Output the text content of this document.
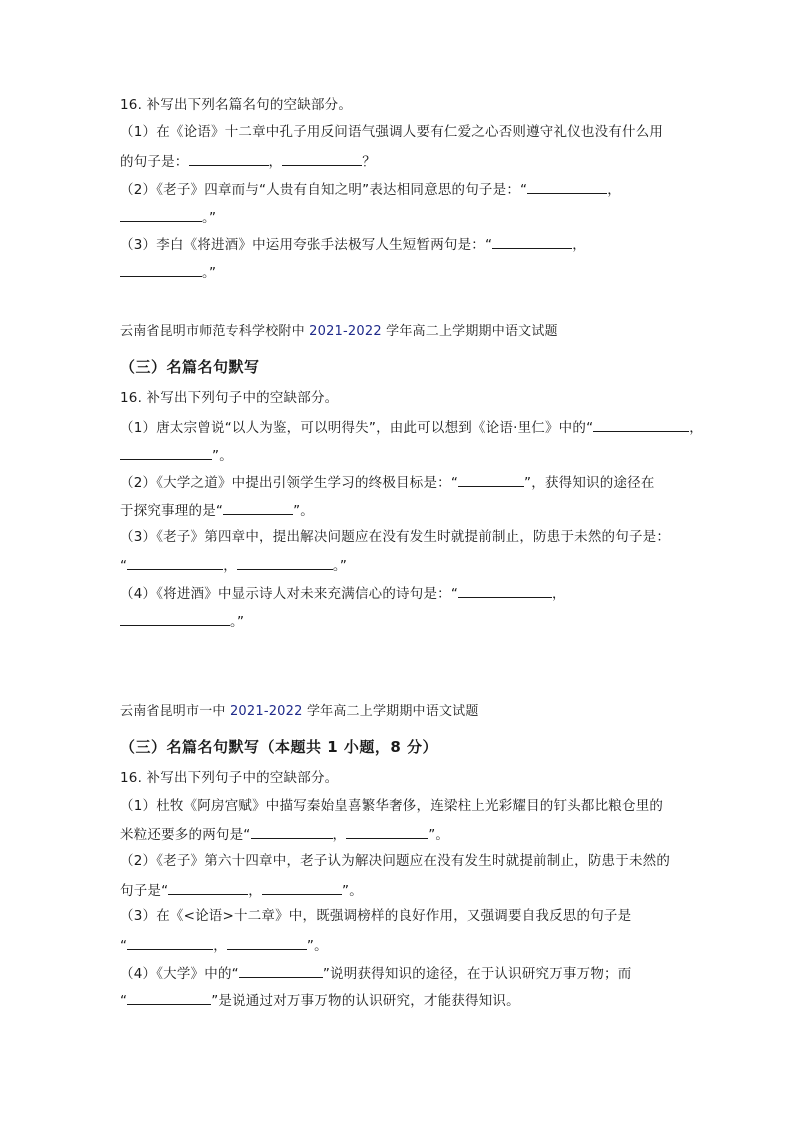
16. 补写出下列名篇名句的空缺部分。
（1）在《论语》十二章中孔子用反问语气强调人要有仁爱之心否则遵守礼仪也没有什么用
的句子是：	，	？
（2）《老子》四章而与“人贵有自知之明”表达相同意思的句子是：“	，
。”
（3）李白《将进酒》中运用夸张手法极写人生短暂两句是：“	，
。”
云南省昆明市师范专科学校附中 2021-2022 学年高二上学期期中语文试题
（三）名篇名句默写
16. 补写出下列句子中的空缺部分。
（1）唐太宗曾说“以人为鉴，可以明得失”，由此可以想到《论语·里仁》中的“	，
”。
（2）《大学之道》中提出引领学生学习的终极目标是：“	”，获得知识的途径在
于探究事理的是“	”。
（3）《老子》第四章中，提出解决问题应在没有发生时就提前制止，防患于未然的句子是：
“	，	。”
（4）《将进酒》中显示诗人对未来充满信心的诗句是：“	，
。”
云南省昆明市一中 2021-2022 学年高二上学期期中语文试题
（三）名篇名句默写（本题共 1 小题，8 分）
16. 补写出下列句子中的空缺部分。
（1）杜牧《阿房宫赋》中描写秦始皇喜繁华奢侈，连梁柱上光彩耀目的钉头都比粮仓里的
米粒还要多的两句是“	，	”。
（2）《老子》第六十四章中，老子认为解决问题应在没有发生时就提前制止，防患于未然的
句子是“	，	”。
（3）在《<论语>十二章》中，既强调榜样的良好作用，又强调要自我反思的句子是
“	，	”。
（4）《大学》中的“	”说明获得知识的途径，在于认识研究万事万物；而
“	”是说通过对万事万物的认识研究，才能获得知识。
